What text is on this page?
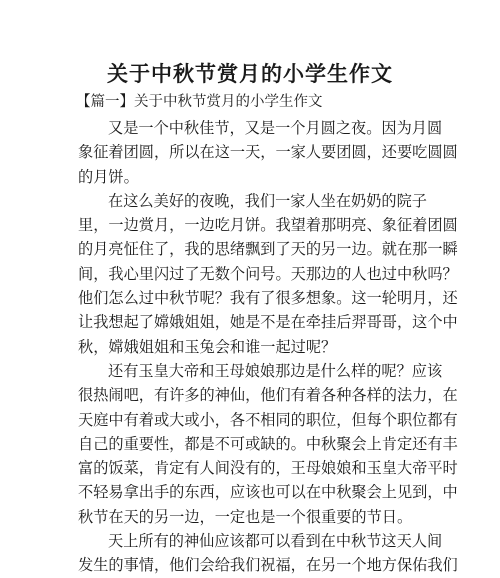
关于中秋节赏月的小学生作文
【篇一】关于中秋节赏月的小学生作文
又是一个中秋佳节，又是一个月圆之夜。因为月圆
象征着团圆，所以在这一天，一家人要团圆，还要吃圆圆
的月饼。
在这么美好的夜晚，我们一家人坐在奶奶的院子
里，一边赏月，一边吃月饼。我望着那明亮、象征着团圆
的月亮怔住了，我的思绪飘到了天的另一边。就在那一瞬
间，我心里闪过了无数个问号。天那边的人也过中秋吗？
他们怎么过中秋节呢？我有了很多想象。这一轮明月，还
让我想起了嫦娥姐姐，她是不是在牵挂后羿哥哥，这个中
秋，嫦娥姐姐和玉兔会和谁一起过呢？
还有玉皇大帝和王母娘娘那边是什么样的呢？应该
很热闹吧，有许多的神仙，他们有着各种各样的法力，在
天庭中有着或大或小，各不相同的职位，但每个职位都有
自己的重要性，都是不可或缺的。中秋聚会上肯定还有丰
富的饭菜，肯定有人间没有的，王母娘娘和玉皇大帝平时
不轻易拿出手的东西，应该也可以在中秋聚会上见到，中
秋节在天的另一边，一定也是一个很重要的节日。
天上所有的神仙应该都可以看到在中秋节这天人间
发生的事情，他们会给我们祝福，在另一个地方保佑我们
